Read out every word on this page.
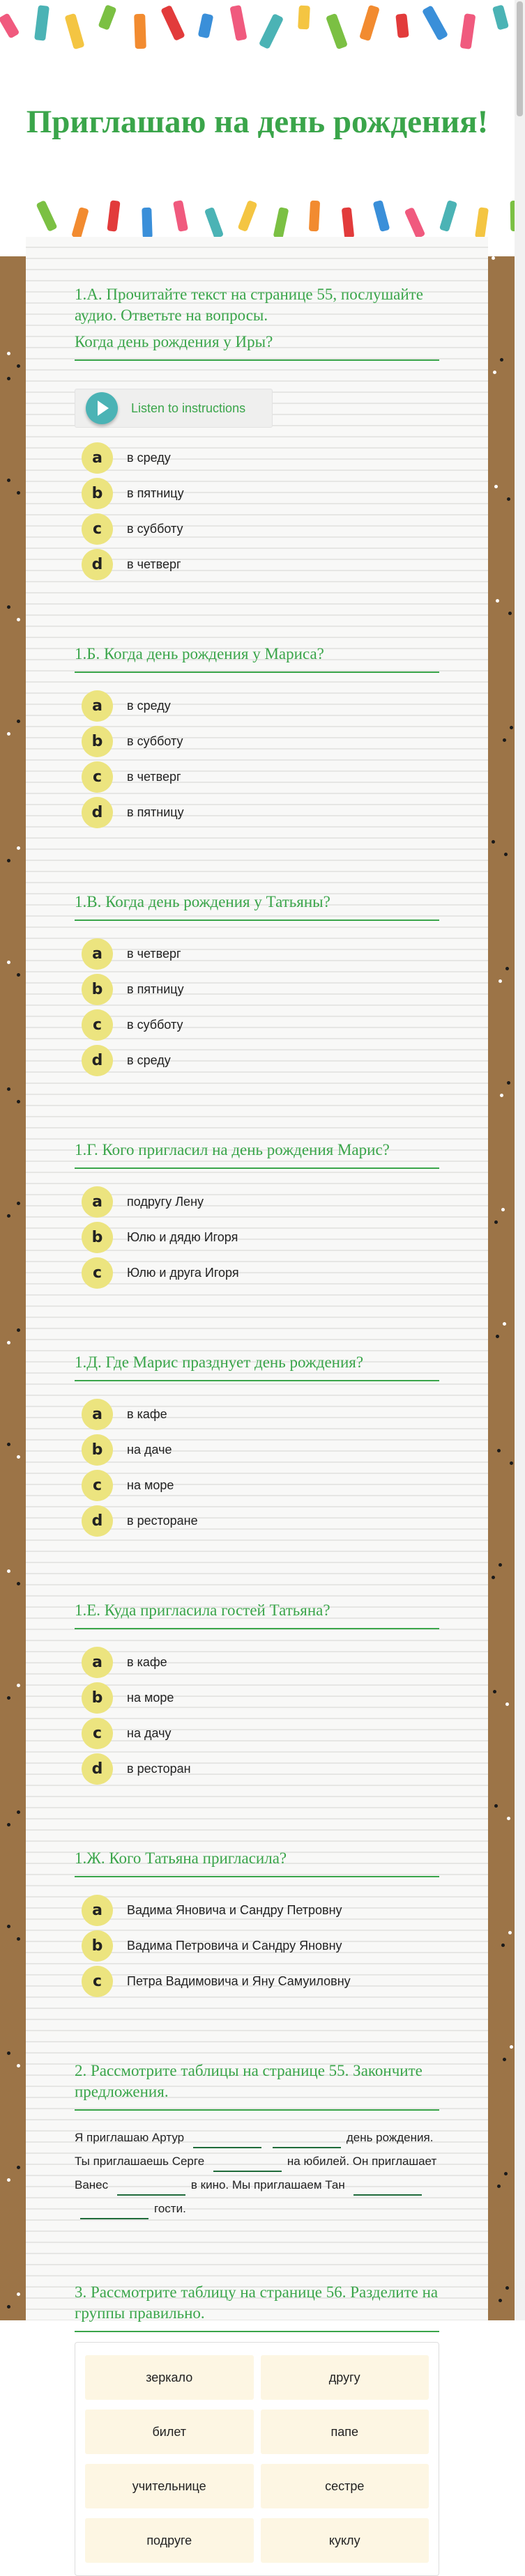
Приглашаю на день рождения!
1.А. Прочитайте текст на странице 55, послушайте аудио. Ответьте на вопросы.
Когда день рождения у Иры?
Listen to instructions
a	в среду
b	в пятницу
c	в субботу
d	в четверг
1.Б. Когда день рождения у Мариса?
a	в среду
b	в субботу
c	в четверг
d	в пятницу
1.В. Когда день рождения у Татьяны?
a	в четверг
b	в пятницу
c	в субботу
d	в среду
1.Г. Кого пригласил на день рождения Марис?
a	подругу Лену
b	Юлю и дядю Игоря
c	Юлю и друга Игоря
1.Д. Где Марис празднует день рождения?
a	в кафе
b	на даче
c	на море
d	в ресторане
1.Е. Куда пригласила гостей Татьяна?
a	в кафе
b	на море
c	на дачу
d	в ресторан
1.Ж. Кого Татьяна пригласила?
a	Вадима Яновича и Сандру Петровну
b	Вадима Петровича и Сандру Яновну
c	Петра Вадимовича и Яну Самуиловну
2. Рассмотрите таблицы на странице 55. Закончите предложения.
Я приглашаю Артур	день рождения. Ты приглашаешь Серге	на юбилей. Он приглашает Ванес	в кино. Мы приглашаем Тан гости.
3. Рассмотрите таблицу на странице 56. Разделите на группы правильно.
зеркало	другу
билет	папе
учительнице	сестре
подруге	куклу
